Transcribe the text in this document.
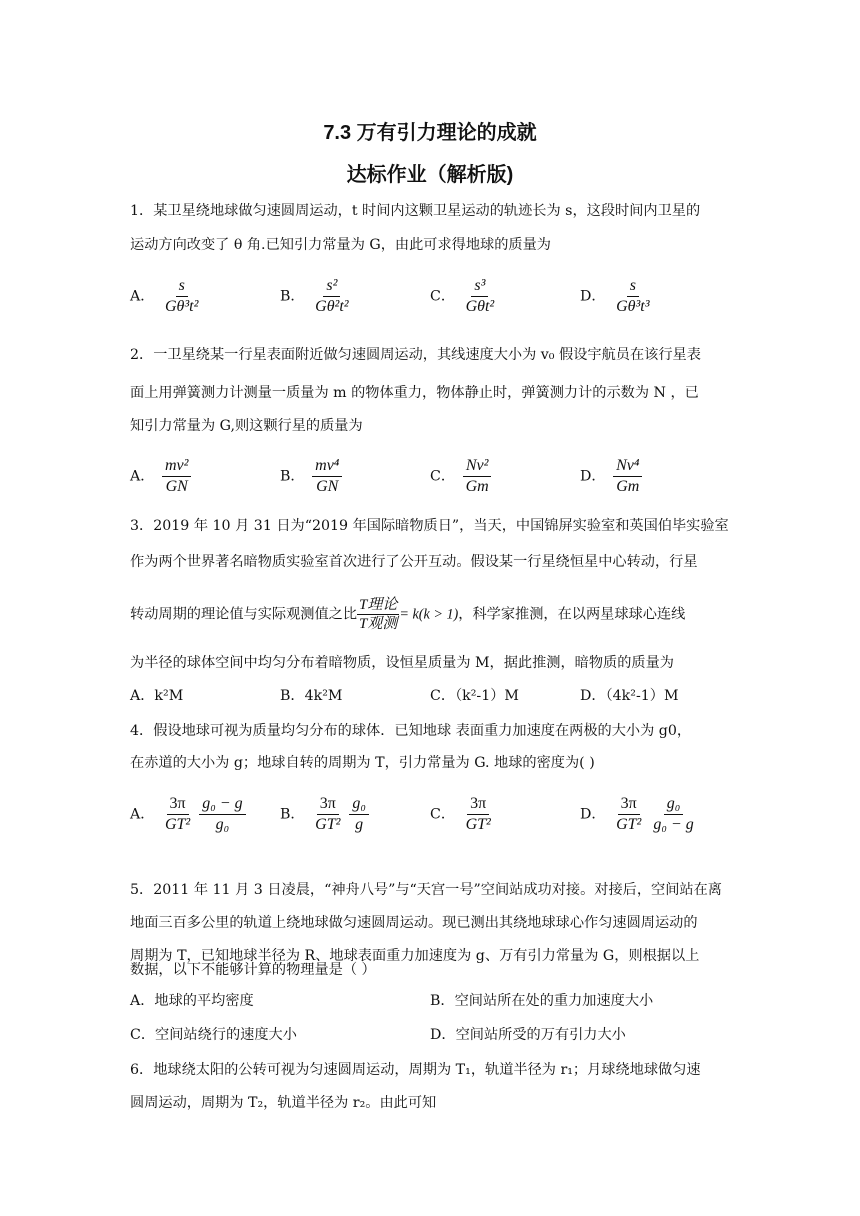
7.3 万有引力理论的成就
达标作业（解析版)
1．某卫星绕地球做匀速圆周运动，t 时间内这颗卫星运动的轨迹长为 s，这段时间内卫星的
运动方向改变了 θ 角.已知引力常量为 G，由此可求得地球的质量为
A． $\frac{s}{\text{Gθ³t²}}$	B． $\frac{\text{s²}}{\text{Gθ²t²}}$	C． $\frac{\text{s³}}{\text{Gθt²}}$	D． $\frac{s}{\text{Gθ³t³}}$
2．一卫星绕某一行星表面附近做匀速圆周运动，其线速度大小为 v₀ 假设宇航员在该行星表
面上用弹簧测力计测量一质量为 m 的物体重力，物体静止时，弹簧测力计的示数为 N ，已
知引力常量为 G,则这颗行星的质量为
A． $\frac{\text{mv²}}{GN}$	B． $\frac{\text{mv⁴}}{GN}$	C． $\frac{\text{Nv²}}{Gm}$	D． $\frac{\text{Nv⁴}}{Gm}$
3．2019 年 10 月 31 日为“2019 年国际暗物质日”，当天，中国锦屏实验室和英国伯毕实验室
作为两个世界著名暗物质实验室首次进行了公开互动。假设某一行星绕恒星中心转动，行星
转动周期的理论值与实际观测值之比 $\frac{\text{T理论}}{\text{T观测}} = k(k > 1)$，科学家推测，在以两星球球心连线
为半径的球体空间中均匀分布着暗物质，设恒星质量为 M，据此推测，暗物质的质量为
A．k²M	B．4k²M	C．（k²-1）M	D．（4k²-1）M
4．假设地球可视为质量均匀分布的球体．已知地球 表面重力加速度在两极的大小为 g0，
在赤道的大小为 g；地球自转的周期为 T，引力常量为 G. 地球的密度为( )
A． $\frac{3\pi}{\text{GT²}} \frac{\text{g₀ − g}}{\text{g₀}}$ B． $\frac{3\pi}{\text{GT²}} \frac{\text{g₀}}{g}$	C． $\frac{3\pi}{\text{GT²}}$	D． $\frac{3\pi}{\text{GT²}} \frac{\text{g₀}}{\text{g₀ − g}}$
5．2011 年 11 月 3 日凌晨，“神舟八号”与“天宫一号”空间站成功对接。对接后，空间站在离
地面三百多公里的轨道上绕地球做匀速圆周运动。现已测出其绕地球球心作匀速圆周运动的
周期为 T，已知地球半径为 R、地球表面重力加速度为 g、万有引力常量为 G，则根据以上
数据，以下不能够计算的物理量是（ ）
A．地球的平均密度	B．空间站所在处的重力加速度大小
C．空间站绕行的速度大小	D．空间站所受的万有引力大小
6．地球绕太阳的公转可视为匀速圆周运动，周期为 T₁，轨道半径为 r₁；月球绕地球做匀速
圆周运动，周期为 T₂，轨道半径为 r₂。由此可知
